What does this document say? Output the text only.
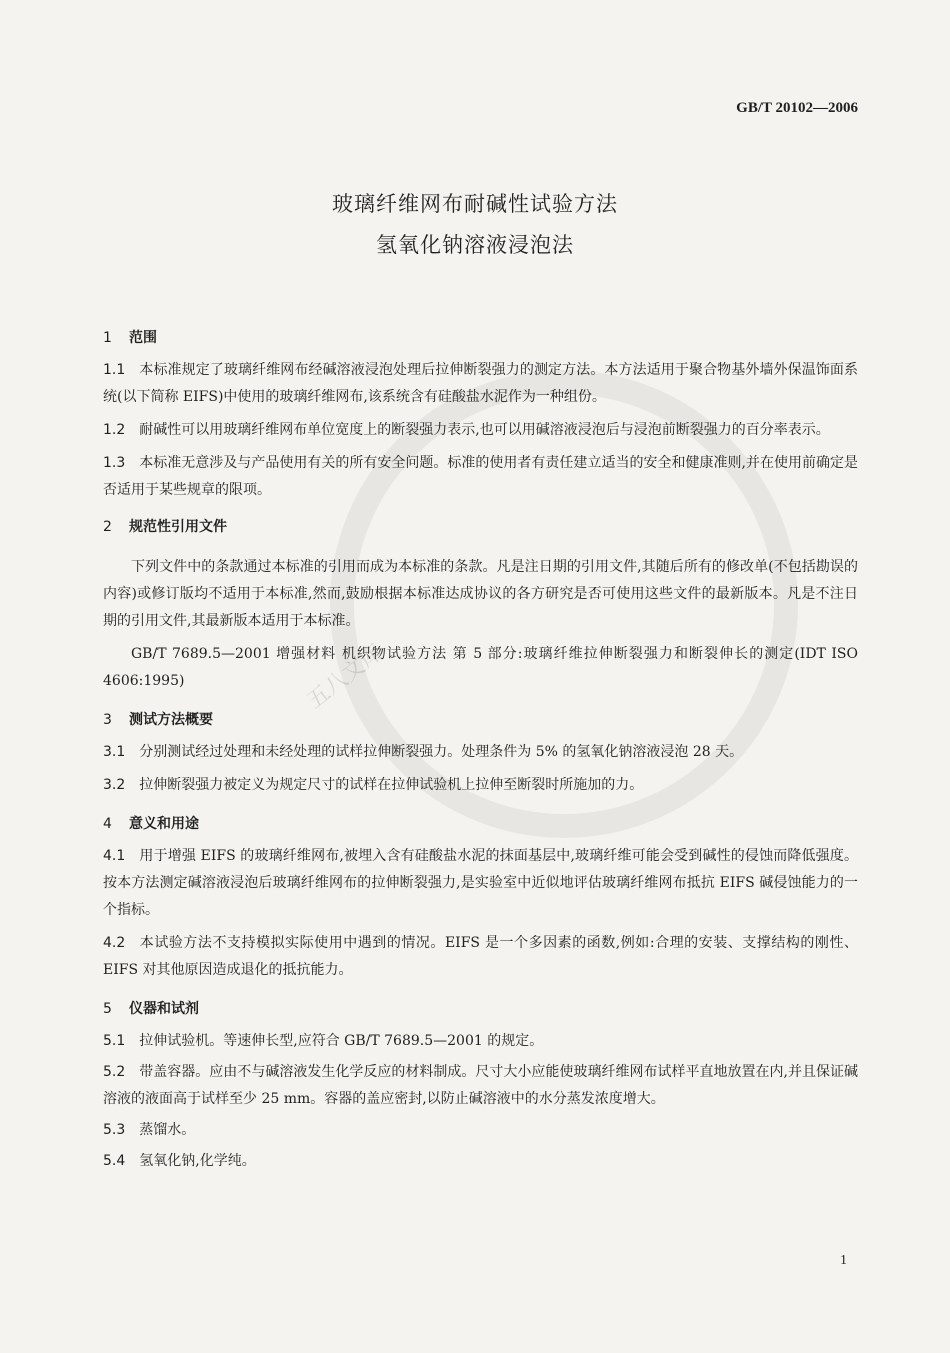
五八文库
GB/T 20102—2006
玻璃纤维网布耐碱性试验方法
氢氧化钠溶液浸泡法
1 范围

1.1 本标准规定了玻璃纤维网布经碱溶液浸泡处理后拉伸断裂强力的测定方法。本方法适用于聚合物基外墙外保温饰面系统(以下简称 EIFS)中使用的玻璃纤维网布,该系统含有硅酸盐水泥作为一种组份。

1.2 耐碱性可以用玻璃纤维网布单位宽度上的断裂强力表示,也可以用碱溶液浸泡后与浸泡前断裂强力的百分率表示。

1.3 本标准无意涉及与产品使用有关的所有安全问题。标准的使用者有责任建立适当的安全和健康准则,并在使用前确定是否适用于某些规章的限项。

2 规范性引用文件

下列文件中的条款通过本标准的引用而成为本标准的条款。凡是注日期的引用文件,其随后所有的修改单(不包括勘误的内容)或修订版均不适用于本标准,然而,鼓励根据本标准达成协议的各方研究是否可使用这些文件的最新版本。凡是不注日期的引用文件,其最新版本适用于本标准。

GB/T 7689.5—2001 增强材料 机织物试验方法 第 5 部分:玻璃纤维拉伸断裂强力和断裂伸长的测定(IDT ISO 4606:1995)

3 测试方法概要

3.1 分别测试经过处理和未经处理的试样拉伸断裂强力。处理条件为 5% 的氢氧化钠溶液浸泡 28 天。

3.2 拉伸断裂强力被定义为规定尺寸的试样在拉伸试验机上拉伸至断裂时所施加的力。

4 意义和用途

4.1 用于增强 EIFS 的玻璃纤维网布,被埋入含有硅酸盐水泥的抹面基层中,玻璃纤维可能会受到碱性的侵蚀而降低强度。按本方法测定碱溶液浸泡后玻璃纤维网布的拉伸断裂强力,是实验室中近似地评估玻璃纤维网布抵抗 EIFS 碱侵蚀能力的一个指标。

4.2 本试验方法不支持模拟实际使用中遇到的情况。EIFS 是一个多因素的函数,例如:合理的安装、支撑结构的刚性、EIFS 对其他原因造成退化的抵抗能力。

5 仪器和试剂

5.1 拉伸试验机。等速伸长型,应符合 GB/T 7689.5—2001 的规定。

5.2 带盖容器。应由不与碱溶液发生化学反应的材料制成。尺寸大小应能使玻璃纤维网布试样平直地放置在内,并且保证碱溶液的液面高于试样至少 25 mm。容器的盖应密封,以防止碱溶液中的水分蒸发浓度增大。

5.3 蒸馏水。

5.4 氢氧化钠,化学纯。

1
